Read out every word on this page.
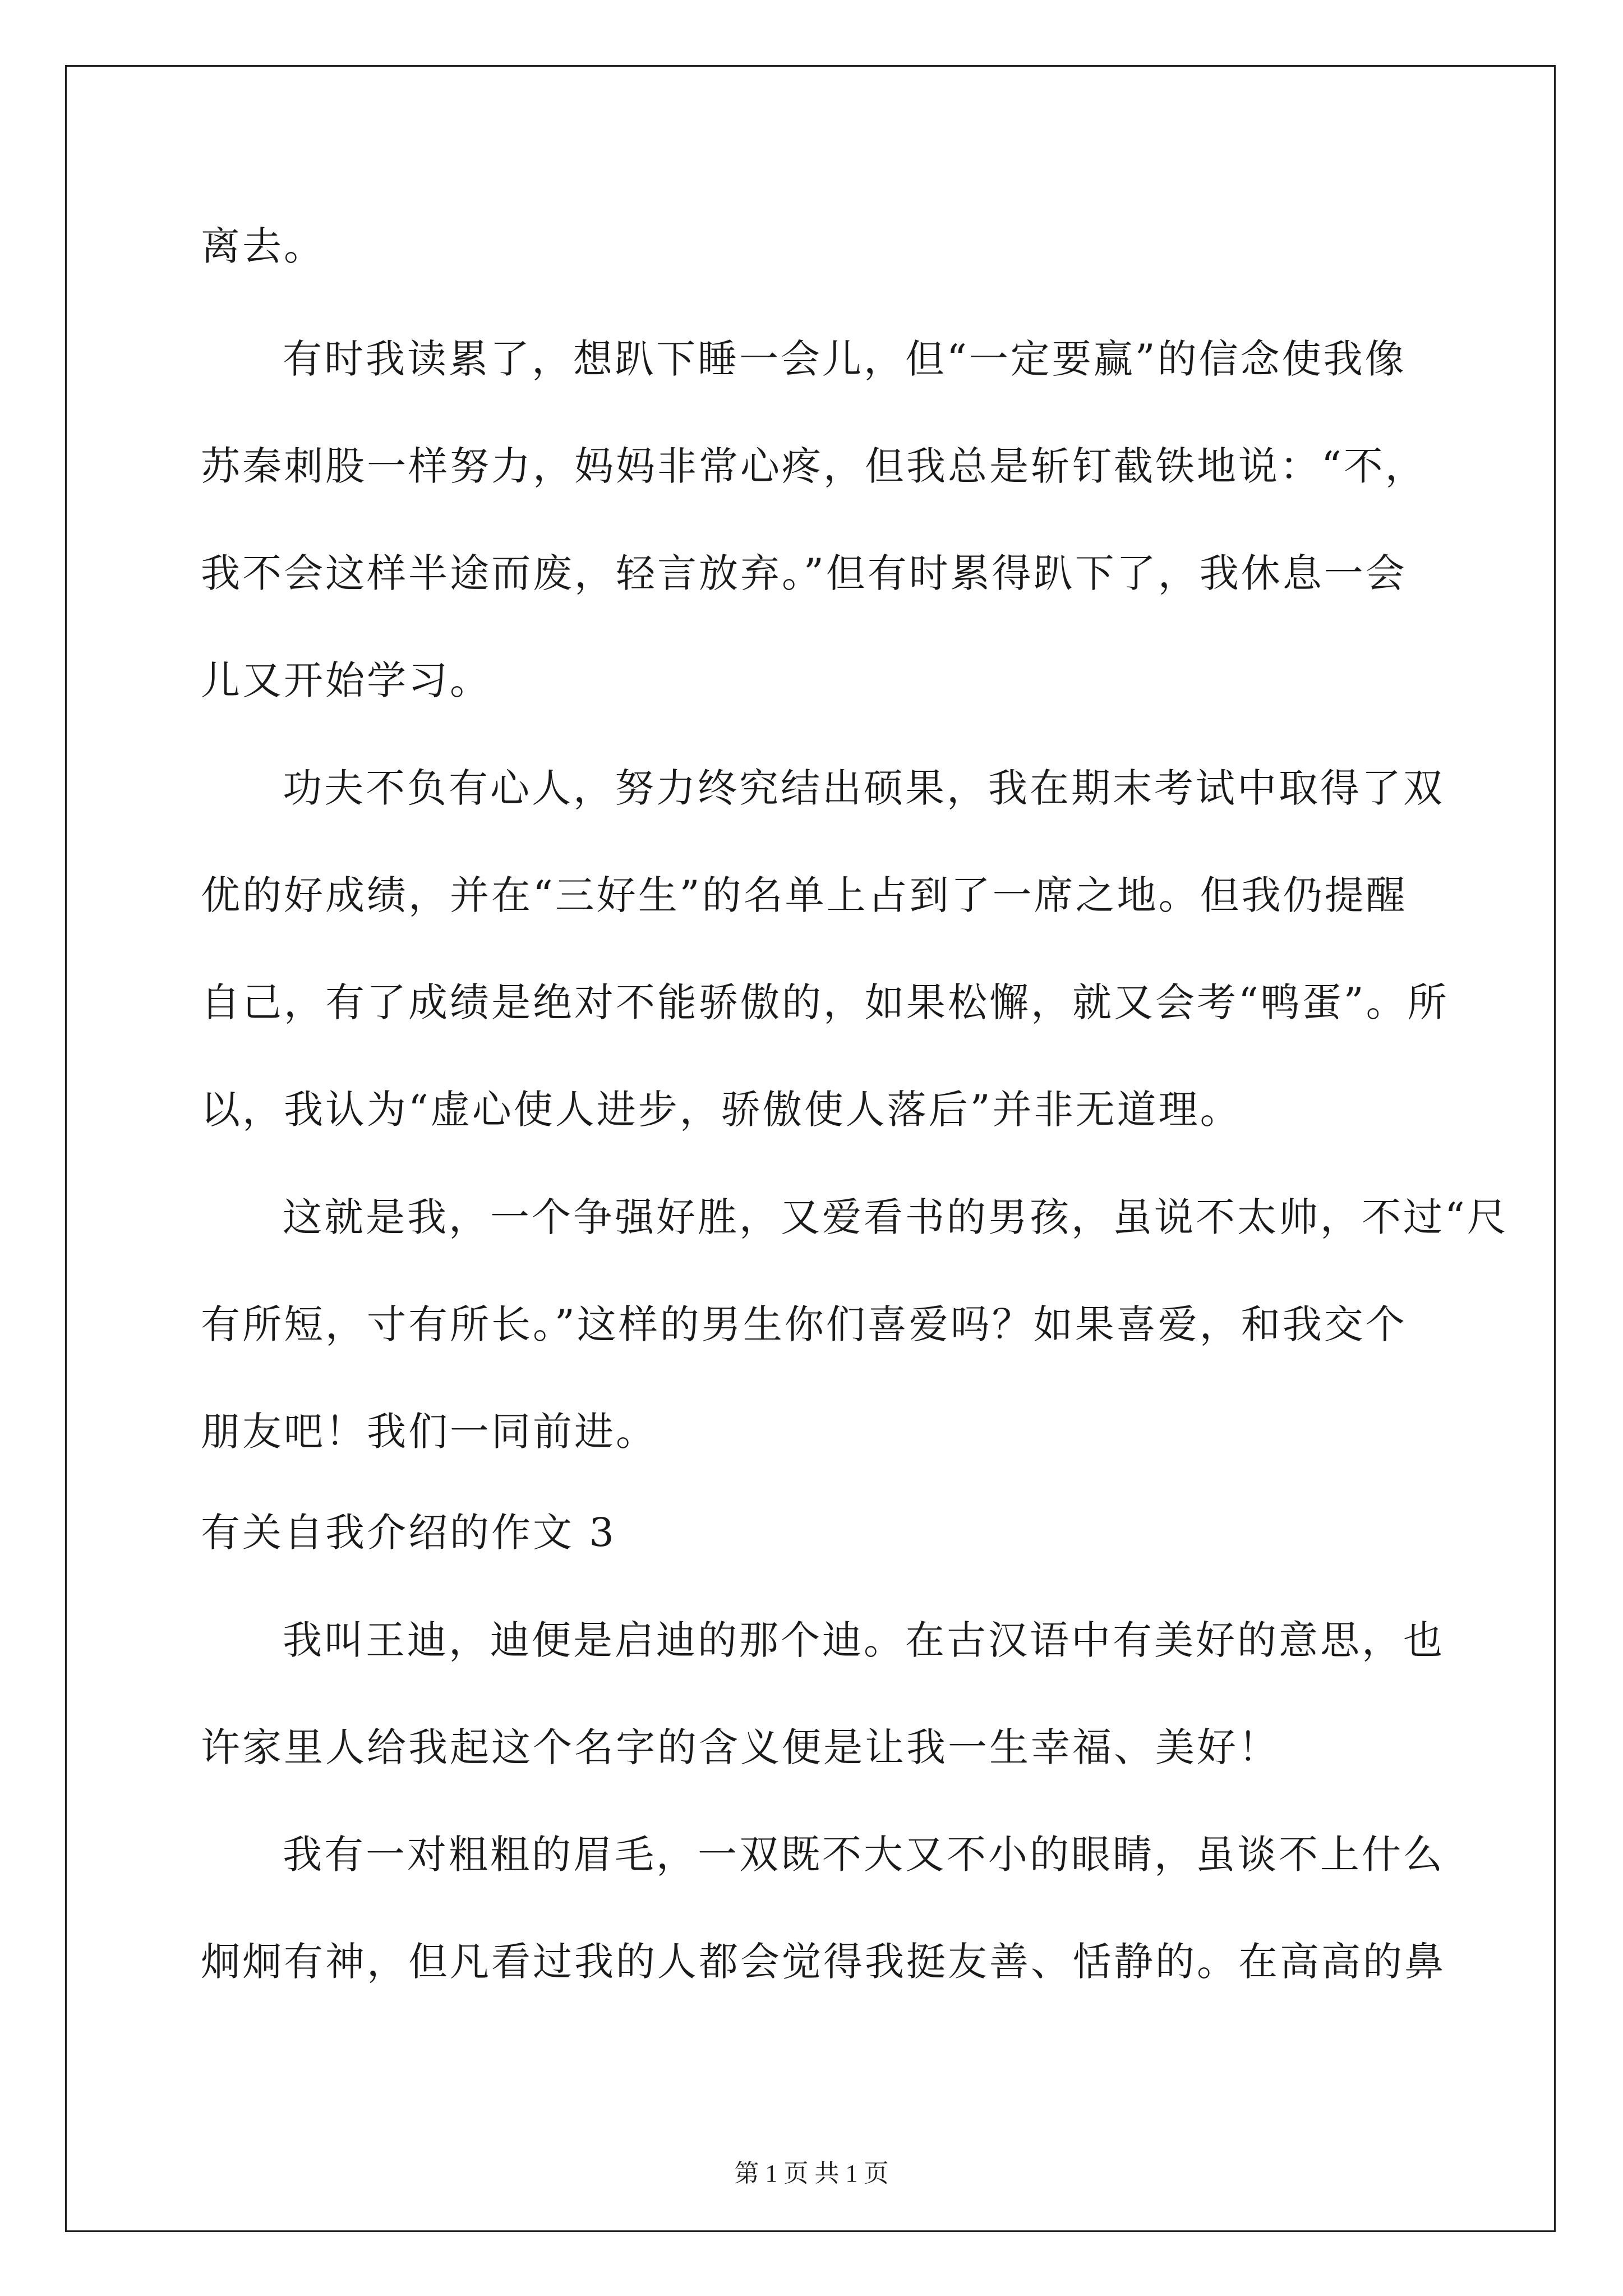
离去。
有时我读累了，想趴下睡一会儿，但“一定要赢”的信念使我像
苏秦刺股一样努力，妈妈非常心疼，但我总是斩钉截铁地说：“不，
我不会这样半途而废，轻言放弃。”但有时累得趴下了，我休息一会
儿又开始学习。
功夫不负有心人，努力终究结出硕果，我在期末考试中取得了双
优的好成绩，并在“三好生”的名单上占到了一席之地。但我仍提醒
自己，有了成绩是绝对不能骄傲的，如果松懈，就又会考“鸭蛋”。所
以，我认为“虚心使人进步，骄傲使人落后”并非无道理。
这就是我，一个争强好胜，又爱看书的男孩，虽说不太帅，不过“尺
有所短，寸有所长。”这样的男生你们喜爱吗？如果喜爱，和我交个
朋友吧！我们一同前进。
有关自我介绍的作文 3
我叫王迪，迪便是启迪的那个迪。在古汉语中有美好的意思，也
许家里人给我起这个名字的含义便是让我一生幸福、美好！
我有一对粗粗的眉毛，一双既不大又不小的眼睛，虽谈不上什么
炯炯有神，但凡看过我的人都会觉得我挺友善、恬静的。在高高的鼻
第 1 页 共 1 页
